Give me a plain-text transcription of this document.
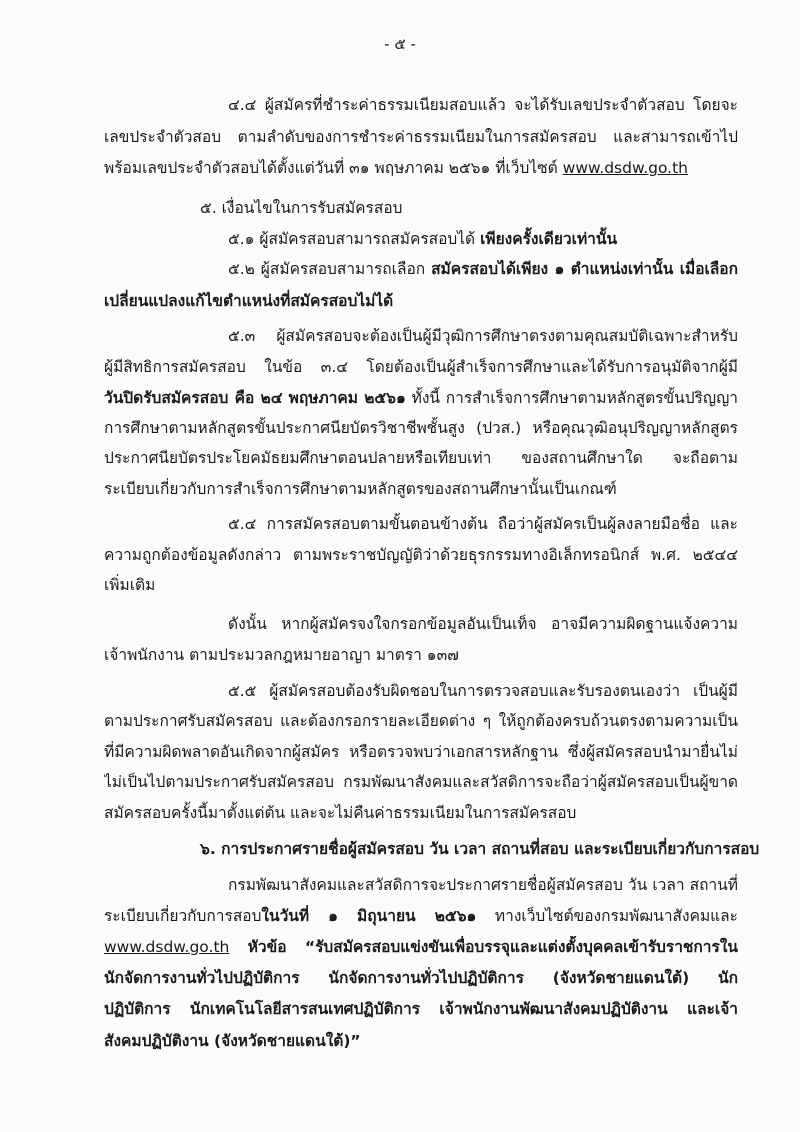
- ๕ -
๔.๔ ผู้สมัครที่ชำระค่าธรรมเนียมสอบแล้ว จะได้รับเลขประจำตัวสอบ โดยจะ
เลขประจำตัวสอบ ตามลำดับของการชำระค่าธรรมเนียมในการสมัครสอบ และสามารถเข้าไป
พร้อมเลขประจำตัวสอบได้ตั้งแต่วันที่ ๓๑ พฤษภาคม ๒๕๖๑ ที่เว็บไซต์ www.dsdw.go.th
๕. เงื่อนไขในการรับสมัครสอบ
๕.๑ ผู้สมัครสอบสามารถสมัครสอบได้ เพียงครั้งเดียวเท่านั้น
๕.๒ ผู้สมัครสอบสามารถเลือก สมัครสอบได้เพียง ๑ ตำแหน่งเท่านั้น เมื่อเลือก
เปลี่ยนแปลงแก้ไขตำแหน่งที่สมัครสอบไม่ได้
๕.๓ ผู้สมัครสอบจะต้องเป็นผู้มีวุฒิการศึกษาตรงตามคุณสมบัติเฉพาะสำหรับ
ผู้มีสิทธิการสมัครสอบ ในข้อ ๓.๔ โดยต้องเป็นผู้สำเร็จการศึกษาและได้รับการอนุมัติจากผู้มี
วันปิดรับสมัครสอบ คือ ๒๔ พฤษภาคม ๒๕๖๑ ทั้งนี้ การสำเร็จการศึกษาตามหลักสูตรขั้นปริญญา
การศึกษาตามหลักสูตรขั้นประกาศนียบัตรวิชาชีพชั้นสูง (ปวส.) หรือคุณวุฒิอนุปริญญาหลักสูตร
ประกาศนียบัตรประโยคมัธยมศึกษาตอนปลายหรือเทียบเท่า ของสถานศึกษาใด จะถือตาม
ระเบียบเกี่ยวกับการสำเร็จการศึกษาตามหลักสูตรของสถานศึกษานั้นเป็นเกณฑ์
๕.๔ การสมัครสอบตามขั้นตอนข้างต้น ถือว่าผู้สมัครเป็นผู้ลงลายมือชื่อ และ
ความถูกต้องข้อมูลดังกล่าว ตามพระราชบัญญัติว่าด้วยธุรกรรมทางอิเล็กทรอนิกส์ พ.ศ. ๒๕๔๔
เพิ่มเติม
ดังนั้น หากผู้สมัครจงใจกรอกข้อมูลอันเป็นเท็จ อาจมีความผิดฐานแจ้งความ
เจ้าพนักงาน ตามประมวลกฎหมายอาญา มาตรา ๑๓๗
๕.๕ ผู้สมัครสอบต้องรับผิดชอบในการตรวจสอบและรับรองตนเองว่า เป็นผู้มี
ตามประกาศรับสมัครสอบ และต้องกรอกรายละเอียดต่าง ๆ ให้ถูกต้องครบถ้วนตรงตามความเป็น
ที่มีความผิดพลาดอันเกิดจากผู้สมัคร หรือตรวจพบว่าเอกสารหลักฐาน ซึ่งผู้สมัครสอบนำมายื่นไม่
ไม่เป็นไปตามประกาศรับสมัครสอบ กรมพัฒนาสังคมและสวัสดิการจะถือว่าผู้สมัครสอบเป็นผู้ขาด
สมัครสอบครั้งนี้มาตั้งแต่ต้น และจะไม่คืนค่าธรรมเนียมในการสมัครสอบ
๖. การประกาศรายชื่อผู้สมัครสอบ วัน เวลา สถานที่สอบ และระเบียบเกี่ยวกับการสอบ
กรมพัฒนาสังคมและสวัสดิการจะประกาศรายชื่อผู้สมัครสอบ วัน เวลา สถานที่
ระเบียบเกี่ยวกับการสอบในวันที่ ๑ มิถุนายน ๒๕๖๑ ทางเว็บไซต์ของกรมพัฒนาสังคมและ
www.dsdw.go.th หัวข้อ “รับสมัครสอบแข่งขันเพื่อบรรจุและแต่งตั้งบุคคลเข้ารับราชการใน
นักจัดการงานทั่วไปปฏิบัติการ นักจัดการงานทั่วไปปฏิบัติการ (จังหวัดชายแดนใต้) นัก
ปฏิบัติการ นักเทคโนโลยีสารสนเทศปฏิบัติการ เจ้าพนักงานพัฒนาสังคมปฏิบัติงาน และเจ้า
สังคมปฏิบัติงาน (จังหวัดชายแดนใต้)”
